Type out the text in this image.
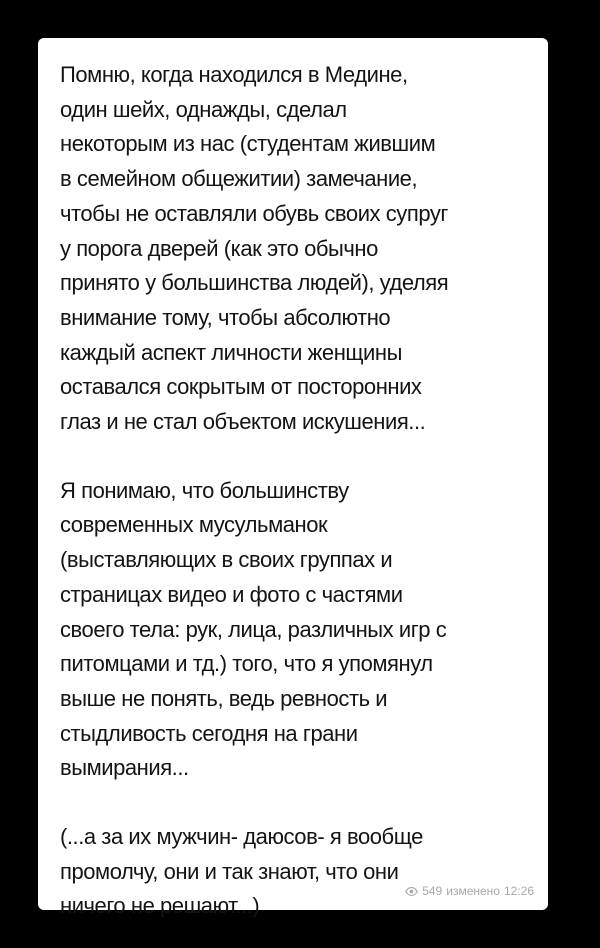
Помню, когда находился в Медине,
один шейх, однажды, сделал
некоторым из нас (студентам жившим
в семейном общежитии) замечание,
чтобы не оставляли обувь своих супруг
у порога дверей (как это обычно
принято у большинства людей), уделяя
внимание тому, чтобы абсолютно
каждый аспект личности женщины
оставался сокрытым от посторонних
глаз и не стал объектом искушения...

Я понимаю, что большинству
современных мусульманок
(выставляющих в своих группах и
страницах видео и фото с частями
своего тела: рук, лица, различных игр с
питомцами и тд.) того, что я упомянул
выше не понять, ведь ревность и
стыдливость сегодня на грани
вымирания...

(...а за их мужчин- даюсов- я вообще
промолчу, они и так знают, что они
ничего не решают...)

549 изменено 12:26
